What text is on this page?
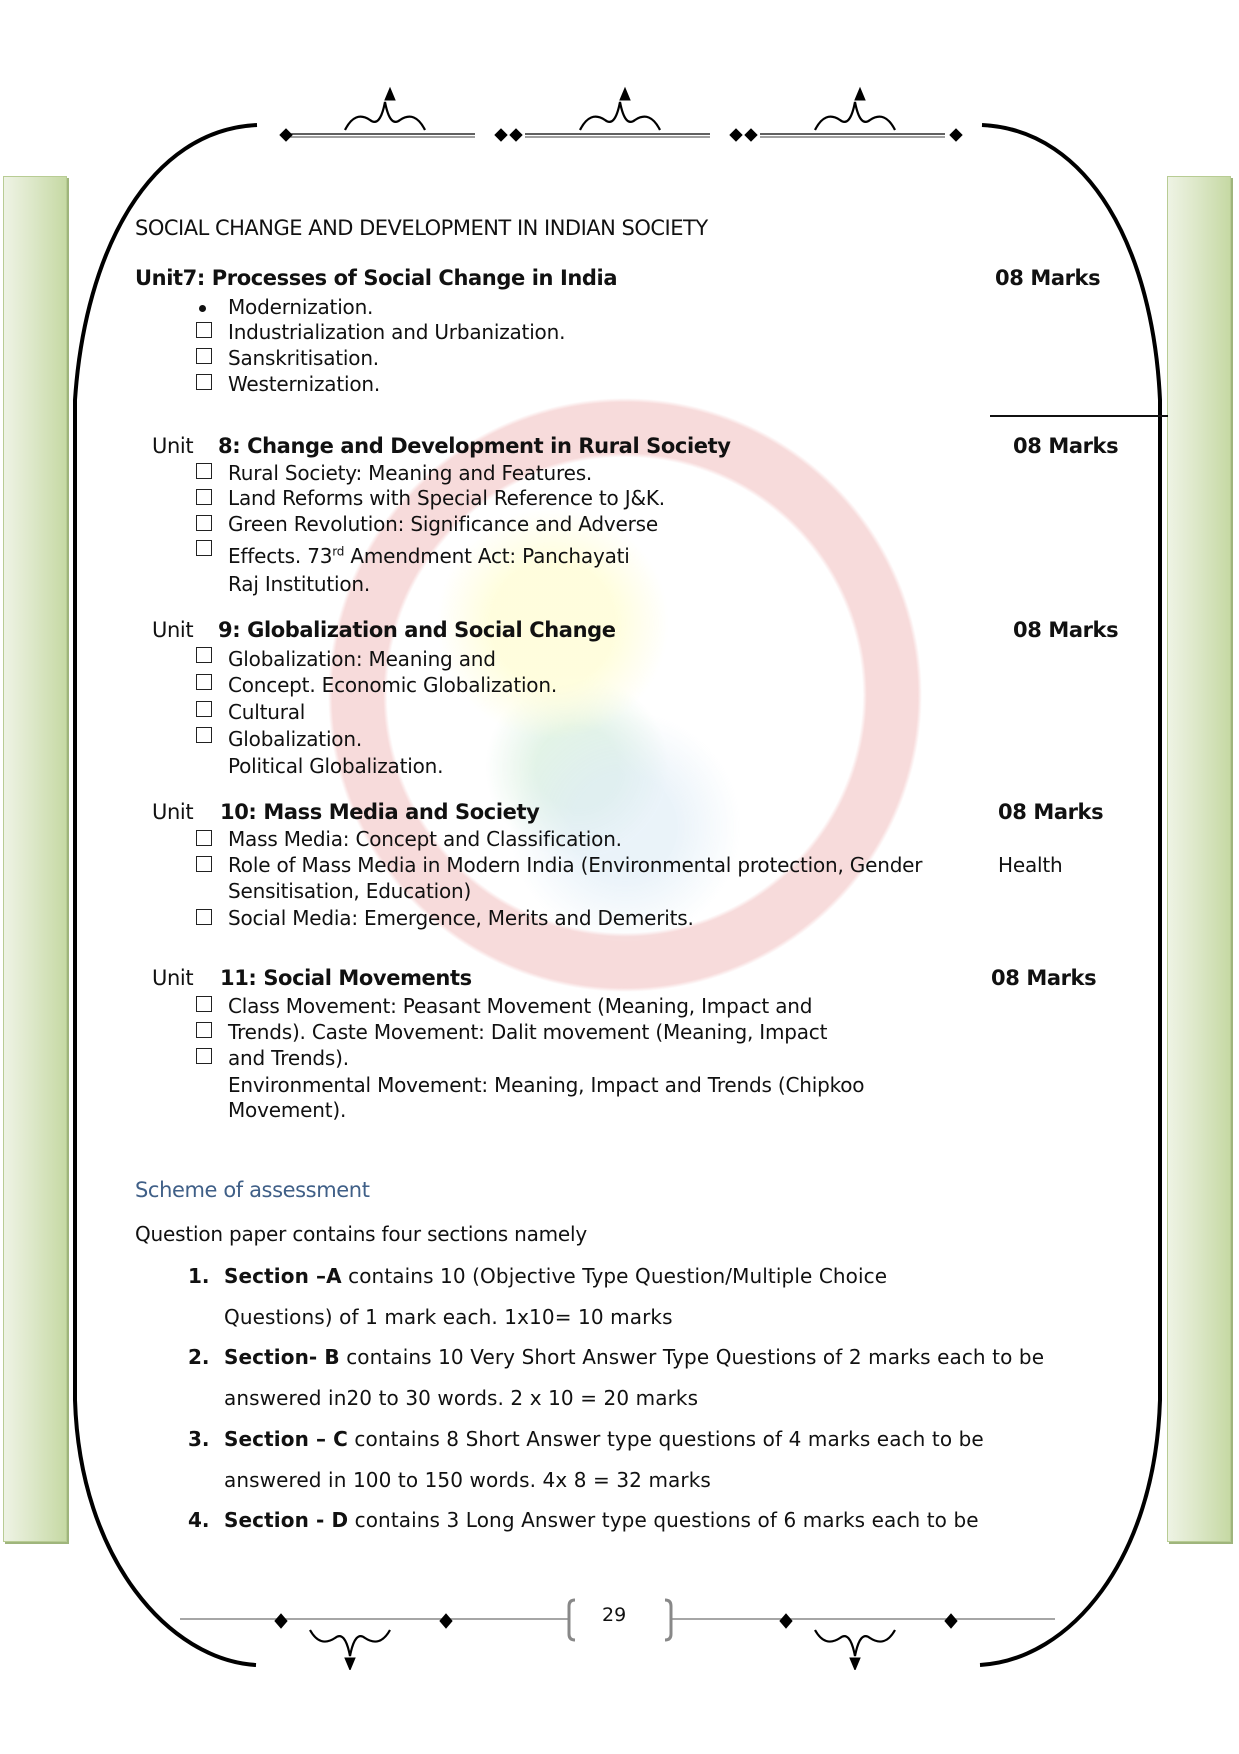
SOCIAL CHANGE AND DEVELOPMENT IN INDIAN SOCIETY
Unit7: Processes of Social Change in India	08 Marks
Modernization.
Industrialization and Urbanization.
Sanskritisation.
Westernization.
Unit 8: Change and Development in Rural Society	08 Marks
Rural Society: Meaning and Features.
Land Reforms with Special Reference to J&K.
Green Revolution: Significance and Adverse
Effects. 73rd Amendment Act: Panchayati
Raj Institution.
Unit 9: Globalization and Social Change	08 Marks
Globalization: Meaning and
Concept. Economic Globalization.
Cultural
Globalization.
Political Globalization.
Unit 10: Mass Media and Society	08 Marks
Mass Media: Concept and Classification.
Role of Mass Media in Modern India (Environmental protection, Gender	Health
Sensitisation, Education)
Social Media: Emergence, Merits and Demerits.
Unit 11: Social Movements	08 Marks
Class Movement: Peasant Movement (Meaning, Impact and
Trends). Caste Movement: Dalit movement (Meaning, Impact
and Trends).
Environmental Movement: Meaning, Impact and Trends (Chipkoo
Movement).
Scheme of assessment
Question paper contains four sections namely
1. Section –A contains 10 (Objective Type Question/Multiple Choice
Questions) of 1 mark each. 1x10= 10 marks
2. Section- B contains 10 Very Short Answer Type Questions of 2 marks each to be
answered in20 to 30 words. 2 x 10 = 20 marks
3. Section – C contains 8 Short Answer type questions of 4 marks each to be
answered in 100 to 150 words. 4x 8 = 32 marks
4. Section - D contains 3 Long Answer type questions of 6 marks each to be
29
